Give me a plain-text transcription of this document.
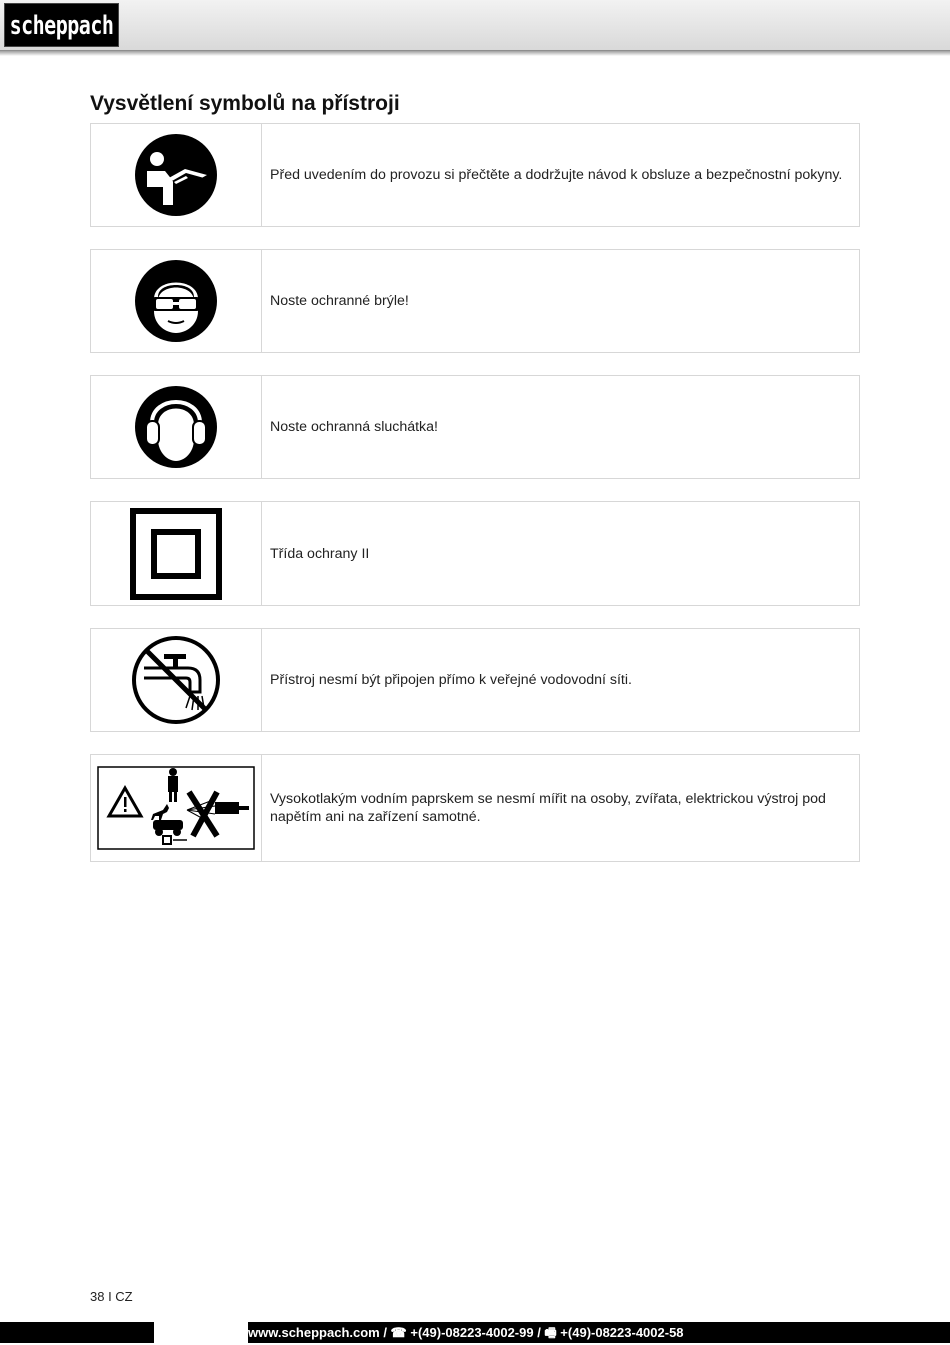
scheppach
Vysvětlení symbolů na přístroji
Před uvedením do provozu si přečtěte a dodržujte návod k obsluze a bezpečnostní pokyny.
Noste ochranné brýle!
Noste ochranná sluchátka!
Třída ochrany II
Přístroj nesmí být připojen přímo k veřejné vodovodní síti.
Vysokotlakým vodním paprskem se nesmí mířit na osoby, zvířata, elektrickou výstroj pod napětím ani na zařízení samotné.
38 I CZ
www.scheppach.com / ☎ +(49)-08223-4002-99 / 🖷 +(49)-08223-4002-58
